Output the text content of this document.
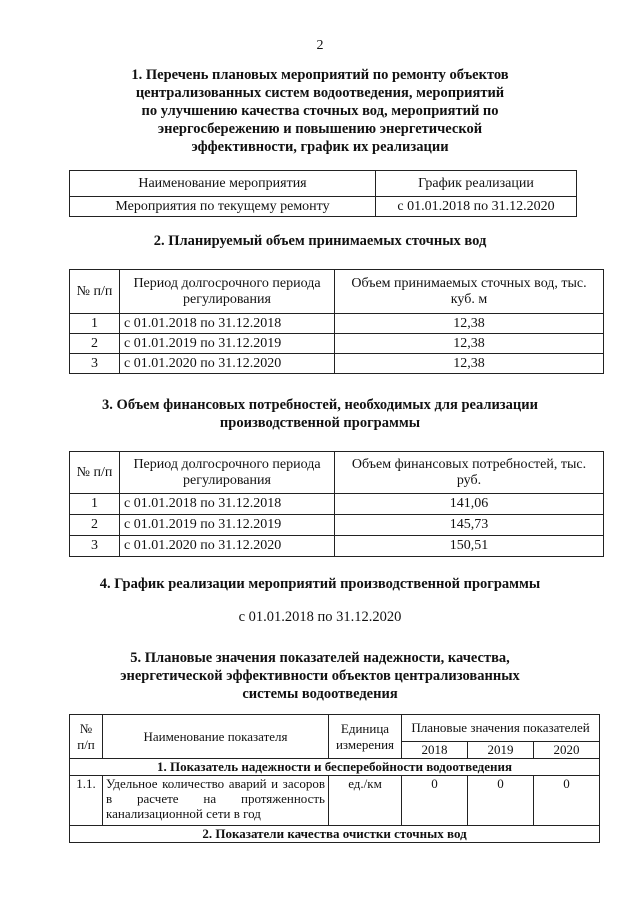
2
1. Перечень плановых мероприятий по ремонту объектов
централизованных систем водоотведения, мероприятий
по улучшению качества сточных вод, мероприятий по
энергосбережению и повышению энергетической
эффективности, график их реализации
Наименование мероприятия	График реализации
Мероприятия по текущему ремонту	с 01.01.2018 по 31.12.2020
2. Планируемый объем принимаемых сточных вод
№ п/п	Период долгосрочного периода регулирования	Объем принимаемых сточных вод, тыс. куб. м
1	с 01.01.2018 по 31.12.2018	12,38
2	с 01.01.2019 по 31.12.2019	12,38
3	с 01.01.2020 по 31.12.2020	12,38
3. Объем финансовых потребностей, необходимых для реализации
производственной программы
№ п/п	Период долгосрочного периода регулирования	Объем финансовых потребностей, тыс. руб.
1	с 01.01.2018 по 31.12.2018	141,06
2	с 01.01.2019 по 31.12.2019	145,73
3	с 01.01.2020 по 31.12.2020	150,51
4. График реализации мероприятий производственной программы
с 01.01.2018 по 31.12.2020
5. Плановые значения показателей надежности, качества,
энергетической эффективности объектов централизованных
системы водоотведения
№ п/п	Наименование показателя	Единица измерения	Плановые значения показателей		
			2018	2019	2020
1. Показатель надежности и бесперебойности водоотведения					
1.1.	Удельное количество аварий и засоров
в расчете на протяженность
канализационной сети в год	ед./км	0	0	0
2. Показатели качества очистки сточных вод					
